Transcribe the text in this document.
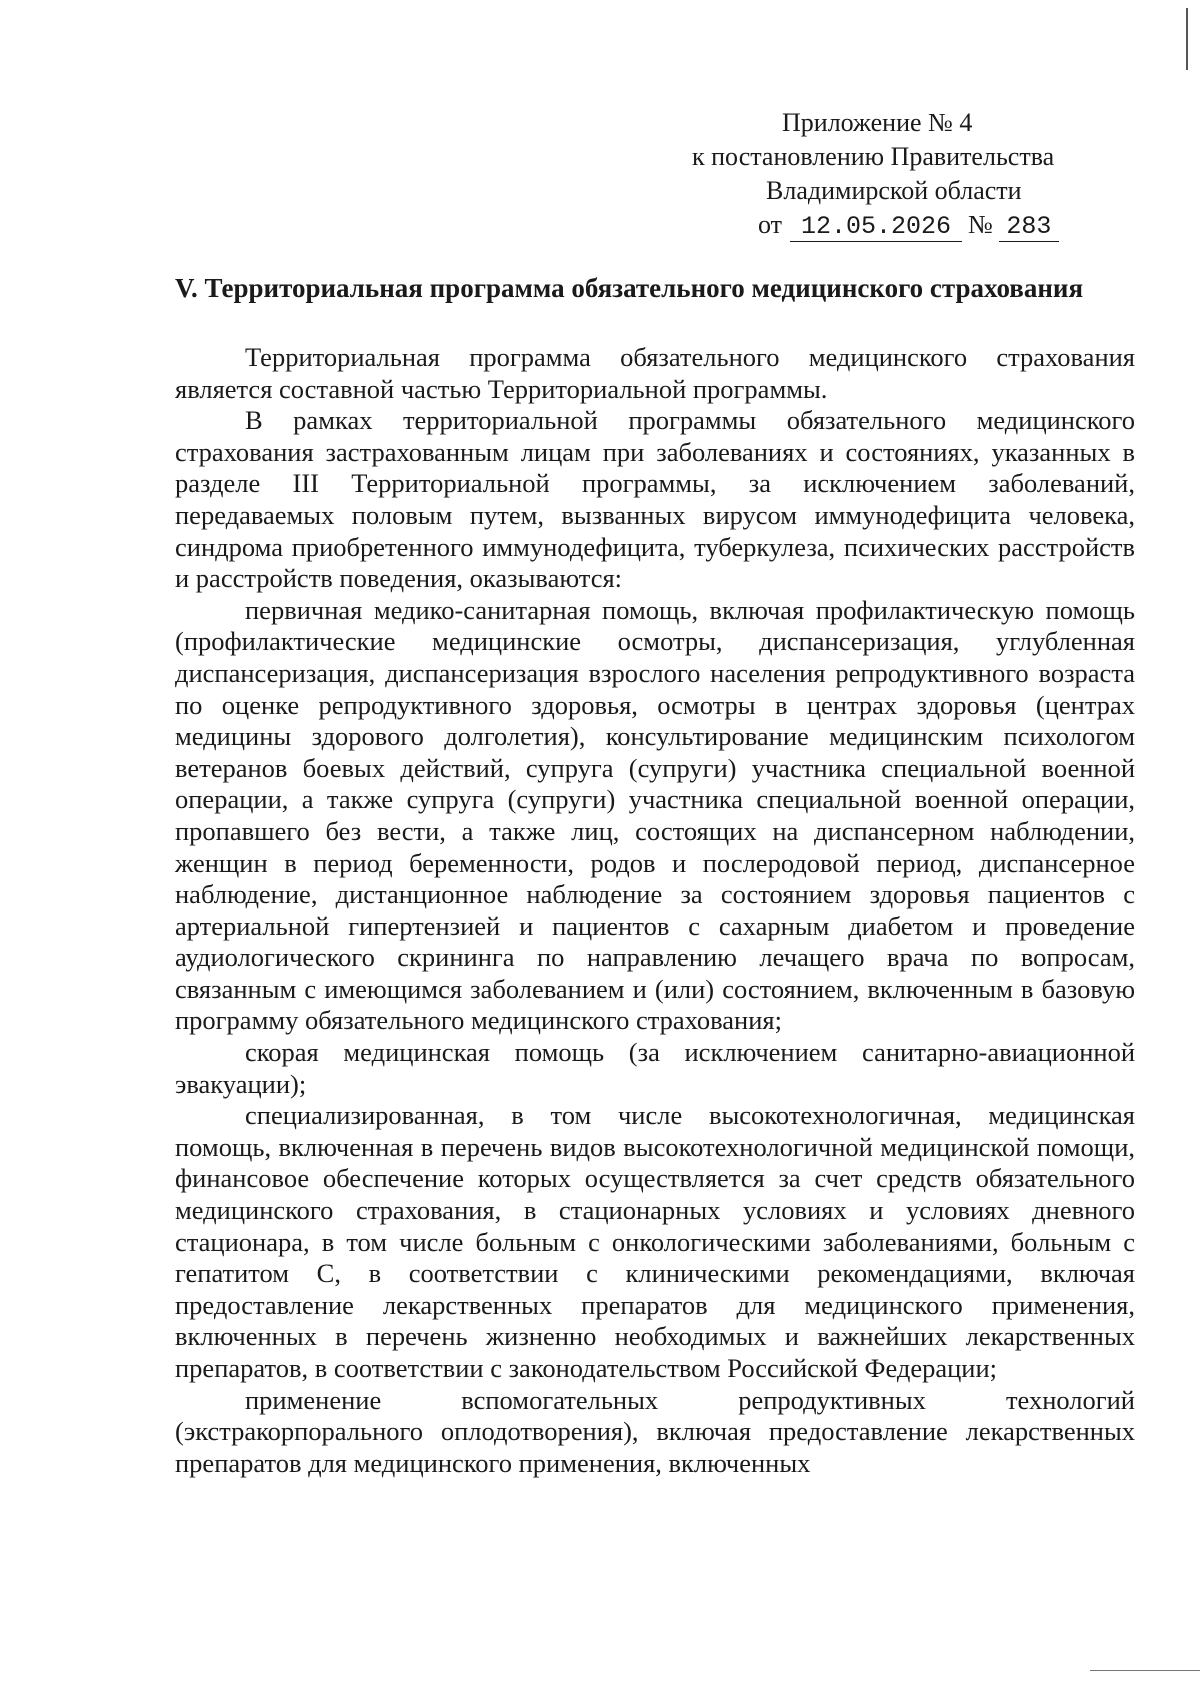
Приложение № 4
к постановлению Правительства
Владимирской области
от 12.05.2026 № 283
V. Территориальная программа обязательного медицинского страхования

Территориальная программа обязательного медицинского страхования является составной частью Территориальной программы.

В рамках территориальной программы обязательного медицинского страхования застрахованным лицам при заболеваниях и состояниях, указанных в разделе III Территориальной программы, за исключением заболеваний, передаваемых половым путем, вызванных вирусом иммунодефицита человека, синдрома приобретенного иммунодефицита, туберкулеза, психических расстройств и расстройств поведения, оказываются:

первичная медико-санитарная помощь, включая профилактическую помощь (профилактические медицинские осмотры, диспансеризация, углубленная диспансеризация, диспансеризация взрослого населения репродуктивного возраста по оценке репродуктивного здоровья, осмотры в центрах здоровья (центрах медицины здорового долголетия), консультирование медицинским психологом ветеранов боевых действий, супруга (супруги) участника специальной военной операции, а также супруга (супруги) участника специальной военной операции, пропавшего без вести, а также лиц, состоящих на диспансерном наблюдении, женщин в период беременности, родов и послеродовой период, диспансерное наблюдение, дистанционное наблюдение за состоянием здоровья пациентов с артериальной гипертензией и пациентов с сахарным диабетом и проведение аудиологического скрининга по направлению лечащего врача по вопросам, связанным с имеющимся заболеванием и (или) состоянием, включенным в базовую программу обязательного медицинского страхования;

скорая медицинская помощь (за исключением санитарно-авиационной эвакуации);

специализированная, в том числе высокотехнологичная, медицинская помощь, включенная в перечень видов высокотехнологичной медицинской помощи, финансовое обеспечение которых осуществляется за счет средств обязательного медицинского страхования, в стационарных условиях и условиях дневного стационара, в том числе больным с онкологическими заболеваниями, больным с гепатитом С, в соответствии с клиническими рекомендациями, включая предоставление лекарственных препаратов для медицинского применения, включенных в перечень жизненно необходимых и важнейших лекарственных препаратов, в соответствии с законодательством Российской Федерации;

применение вспомогательных репродуктивных технологий (экстракорпорального оплодотворения), включая предоставление лекарственных препаратов для медицинского применения, включенных
